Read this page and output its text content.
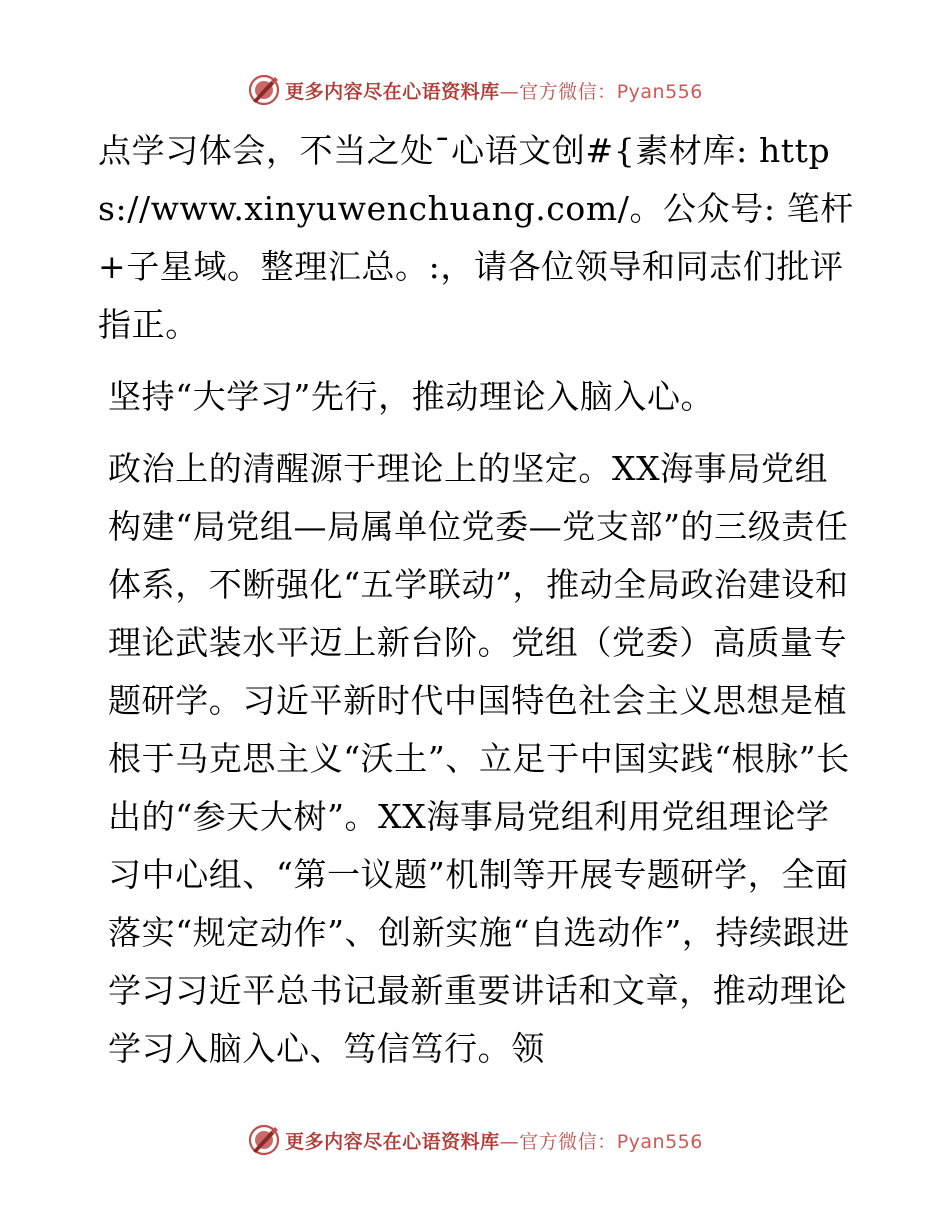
更多内容尽在心语资料库—官方微信：Pyan556

点学习体会，不当之处¯心语文创#{素材库: https://www.xinyuwenchuang.com/。公众号: 笔杆+子星域。整理汇总。:，请各位领导和同志们批评指正。

坚持“大学习”先行，推动理论入脑入心。

政治上的清醒源于理论上的坚定。XX海事局党组构建“局党组—局属单位党委—党支部”的三级责任体系，不断强化“五学联动”，推动全局政治建设和理论武装水平迈上新台阶。党组（党委）高质量专题研学。习近平新时代中国特色社会主义思想是植根于马克思主义“沃土”、立足于中国实践“根脉”长出的“参天大树”。XX海事局党组利用党组理论学习中心组、“第一议题”机制等开展专题研学，全面落实“规定动作”、创新实施“自选动作”，持续跟进学习习近平总书记最新重要讲话和文章，推动理论学习入脑入心、笃信笃行。领

更多内容尽在心语资料库—官方微信：Pyan556
